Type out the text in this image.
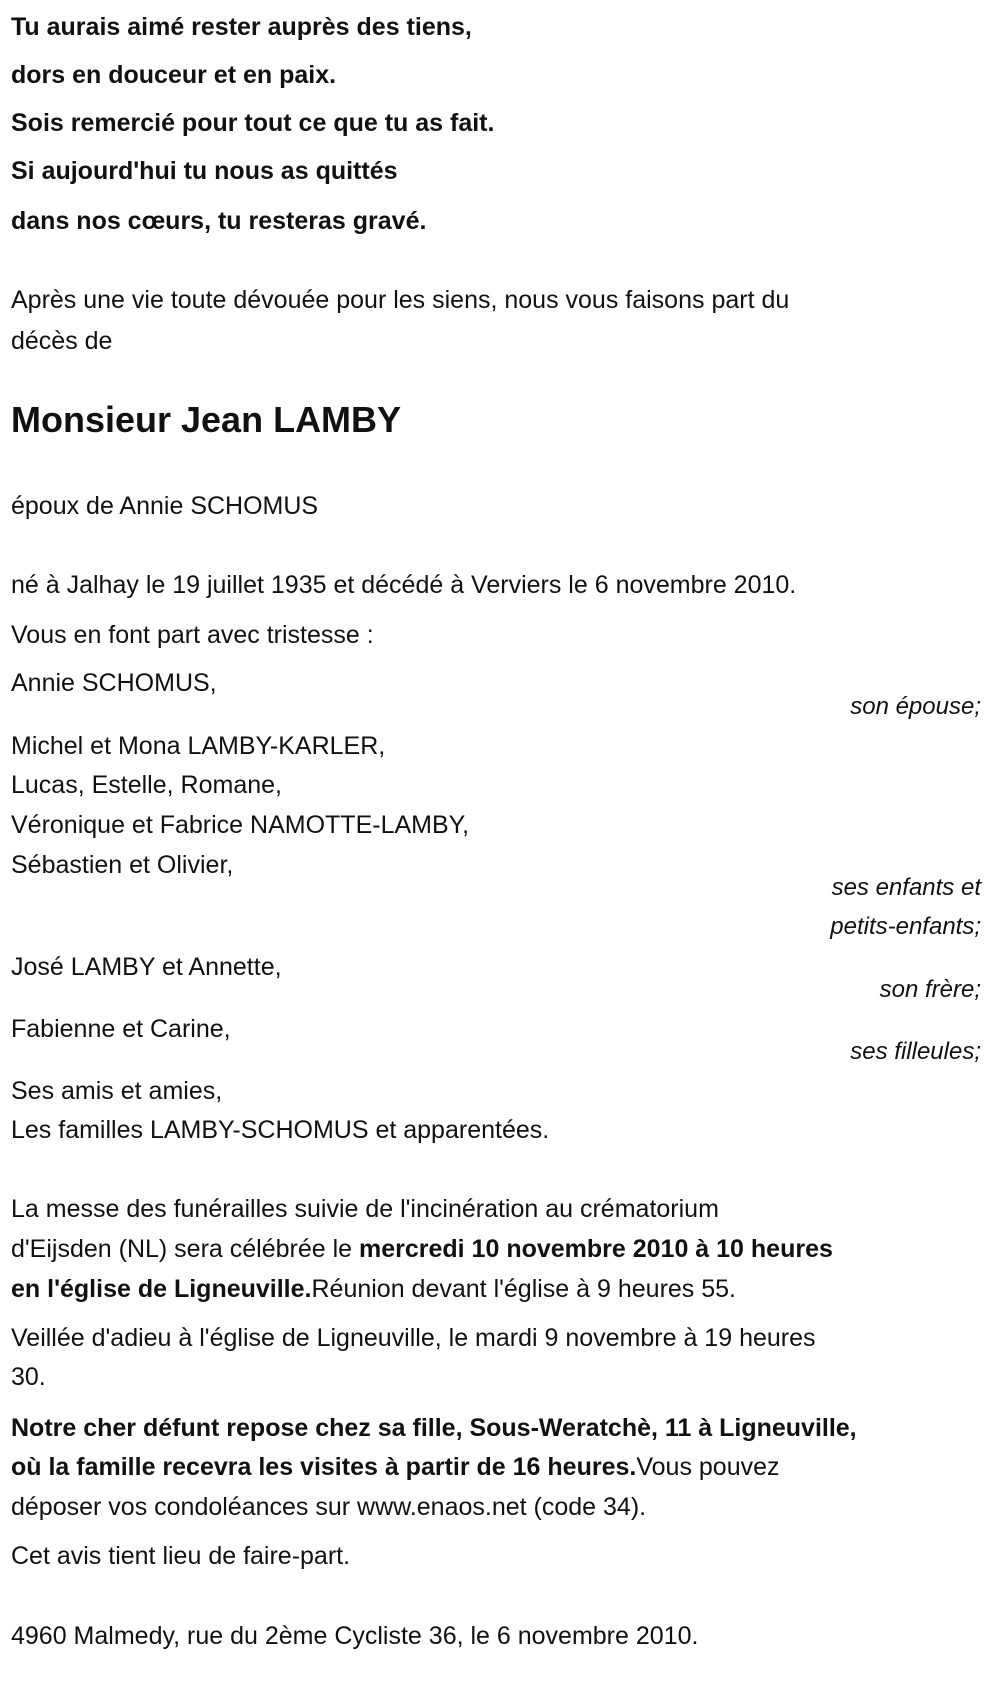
Tu aurais aimé rester auprès des tiens,
dors en douceur et en paix.
Sois remercié pour tout ce que tu as fait.
Si aujourd'hui tu nous as quittés
dans nos cœurs, tu resteras gravé.
Après une vie toute dévouée pour les siens, nous vous faisons part du
décès de
Monsieur Jean LAMBY
époux de Annie SCHOMUS
né à Jalhay le 19 juillet 1935 et décédé à Verviers le 6 novembre 2010.
Vous en font part avec tristesse :
Annie SCHOMUS,
son épouse;
Michel et Mona LAMBY-KARLER,
Lucas, Estelle, Romane,
Véronique et Fabrice NAMOTTE-LAMBY,
Sébastien et Olivier,
ses enfants et
petits-enfants;
José LAMBY et Annette,
son frère;
Fabienne et Carine,
ses filleules;
Ses amis et amies,
Les familles LAMBY-SCHOMUS et apparentées.
La messe des funérailles suivie de l'incinération au crématorium
d'Eijsden (NL) sera célébrée le mercredi 10 novembre 2010 à 10 heures
en l'église de Ligneuville.Réunion devant l'église à 9 heures 55.
Veillée d'adieu à l'église de Ligneuville, le mardi 9 novembre à 19 heures
30.
Notre cher défunt repose chez sa fille, Sous-Weratchè, 11 à Ligneuville,
où la famille recevra les visites à partir de 16 heures.Vous pouvez
déposer vos condoléances sur www.enaos.net (code 34).
Cet avis tient lieu de faire-part.
4960 Malmedy, rue du 2ème Cycliste 36, le 6 novembre 2010.
